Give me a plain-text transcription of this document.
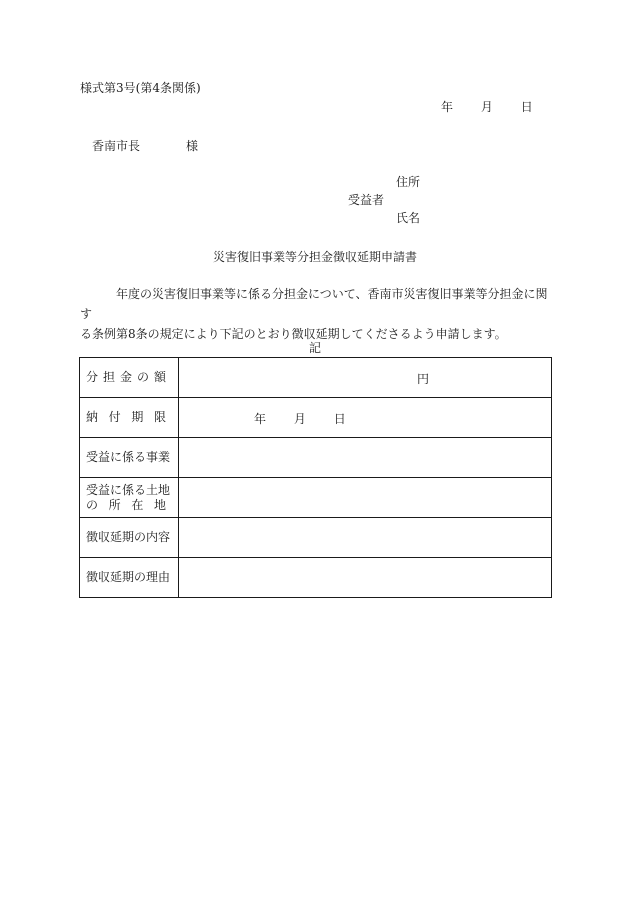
様式第3号(第4条関係)
年 月 日
香南市長	様
住所
受益者
氏名
災害復旧事業等分担金徴収延期申請書

年度の災害復旧事業等に係る分担金について、香南市災害復旧事業等分担金に関す

る条例第8条の規定により下記のとおり徴収延期してくださるよう申請します。

記
分 担 金 の 額	円

納 付 期 限	年 月 日

受益に係る事業	

受益に係る土地
の 所 在 地	

徴収延期の内容	
徴収延期の理由	
